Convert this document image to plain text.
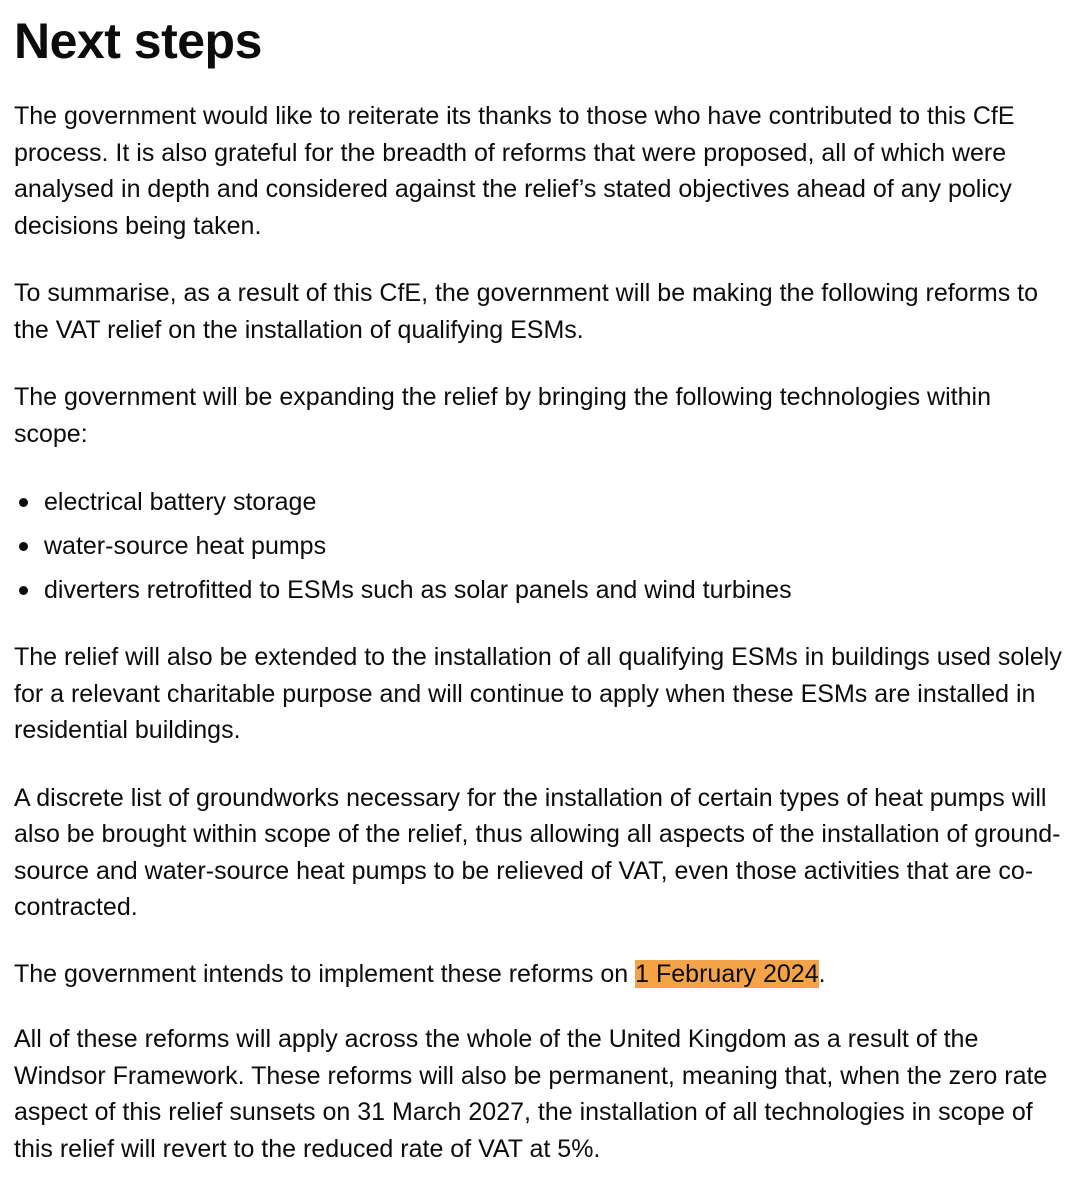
Next steps

The government would like to reiterate its thanks to those who have contributed to this CfE process. It is also grateful for the breadth of reforms that were proposed, all of which were analysed in depth and considered against the relief’s stated objectives ahead of any policy decisions being taken.

To summarise, as a result of this CfE, the government will be making the following reforms to the VAT relief on the installation of qualifying ESMs.

The government will be expanding the relief by bringing the following technologies within scope:

electrical battery storage
water-source heat pumps
diverters retrofitted to ESMs such as solar panels and wind turbines

The relief will also be extended to the installation of all qualifying ESMs in buildings used solely for a relevant charitable purpose and will continue to apply when these ESMs are installed in residential buildings.

A discrete list of groundworks necessary for the installation of certain types of heat pumps will also be brought within scope of the relief, thus allowing all aspects of the installation of ground-source and water-source heat pumps to be relieved of VAT, even those activities that are co-contracted.

The government intends to implement these reforms on 1 February 2024.

All of these reforms will apply across the whole of the United Kingdom as a result of the Windsor Framework. These reforms will also be permanent, meaning that, when the zero rate aspect of this relief sunsets on 31 March 2027, the installation of all technologies in scope of this relief will revert to the reduced rate of VAT at 5%.
